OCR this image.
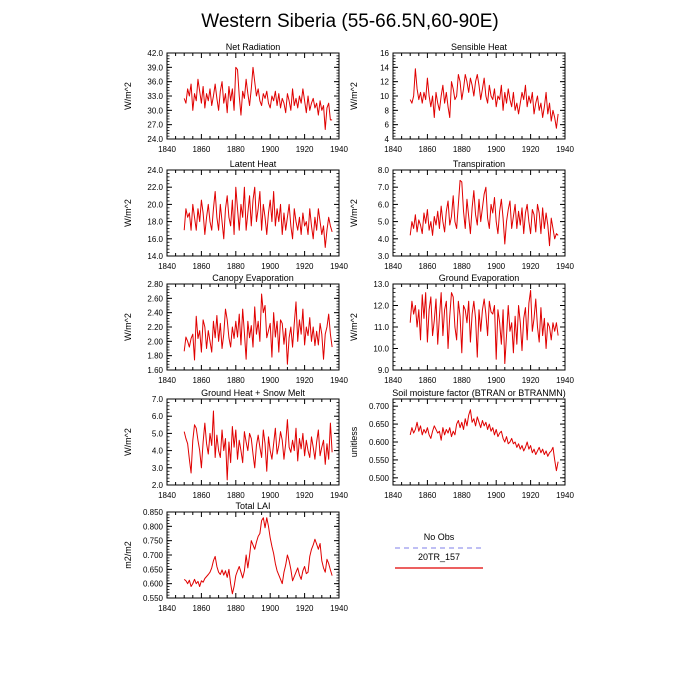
Western Siberia (55-66.5N,60-90E)
Net Radiation
W/m^2
1840 1860 1880 1900 1920 1940
24.0
27.0
30.0
33.0
36.0
39.0
42.0
Sensible Heat
W/m^2
1840 1860 1880 1900 1920 1940
4
6
8
10
12
14
16
Latent Heat
W/m^2
1840 1860 1880 1900 1920 1940
14.0
16.0
18.0
20.0
22.0
24.0
Transpiration
W/m^2
1840 1860 1880 1900 1920 1940
3.0
4.0
5.0
6.0
7.0
8.0
Canopy Evaporation
W/m^2
1840 1860 1880 1900 1920 1940
1.60
1.80
2.00
2.20
2.40
2.60
2.80
Ground Evaporation
W/m^2
1840 1860 1880 1900 1920 1940
9.0
10.0
11.0
12.0
13.0
Ground Heat + Snow Melt
W/m^2
1840 1860 1880 1900 1920 1940
2.0
3.0
4.0
5.0
6.0
7.0
Soil moisture factor (BTRAN or BTRANMN)
unitless
1840 1860 1880 1900 1920 1940
0.500
0.550
0.600
0.650
0.700
Total LAI
m2/m2
1840 1860 1880 1900 1920 1940
0.550
0.600
0.650
0.700
0.750
0.800
0.850
No Obs
20TR_157
